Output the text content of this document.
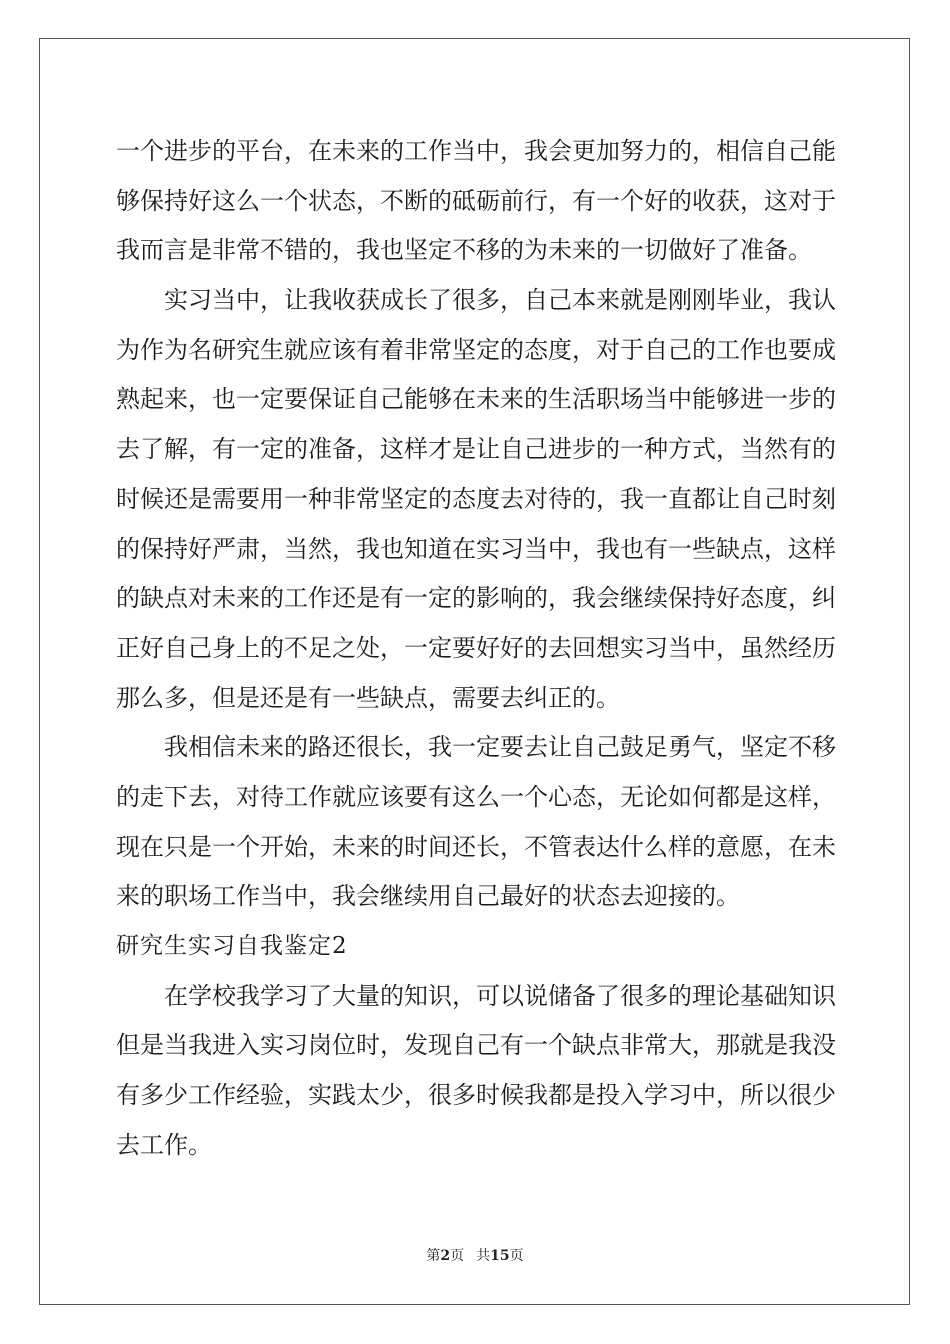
一个进步的平台，在未来的工作当中，我会更加努力的，相信自己能
够保持好这么一个状态，不断的砥砺前行，有一个好的收获，这对于
我而言是非常不错的，我也坚定不移的为未来的一切做好了准备。
实习当中，让我收获成长了很多，自己本来就是刚刚毕业，我认
为作为名研究生就应该有着非常坚定的态度，对于自己的工作也要成
熟起来，也一定要保证自己能够在未来的生活职场当中能够进一步的
去了解，有一定的准备，这样才是让自己进步的一种方式，当然有的
时候还是需要用一种非常坚定的态度去对待的，我一直都让自己时刻
的保持好严肃，当然，我也知道在实习当中，我也有一些缺点，这样
的缺点对未来的工作还是有一定的影响的，我会继续保持好态度，纠
正好自己身上的不足之处，一定要好好的去回想实习当中，虽然经历
那么多，但是还是有一些缺点，需要去纠正的。
我相信未来的路还很长，我一定要去让自己鼓足勇气，坚定不移
的走下去，对待工作就应该要有这么一个心态，无论如何都是这样，
现在只是一个开始，未来的时间还长，不管表达什么样的意愿，在未
来的职场工作当中，我会继续用自己最好的状态去迎接的。
研究生实习自我鉴定2
在学校我学习了大量的知识，可以说储备了很多的理论基础知识
但是当我进入实习岗位时，发现自己有一个缺点非常大，那就是我没
有多少工作经验，实践太少，很多时候我都是投入学习中，所以很少
去工作。
第2页 共15页
